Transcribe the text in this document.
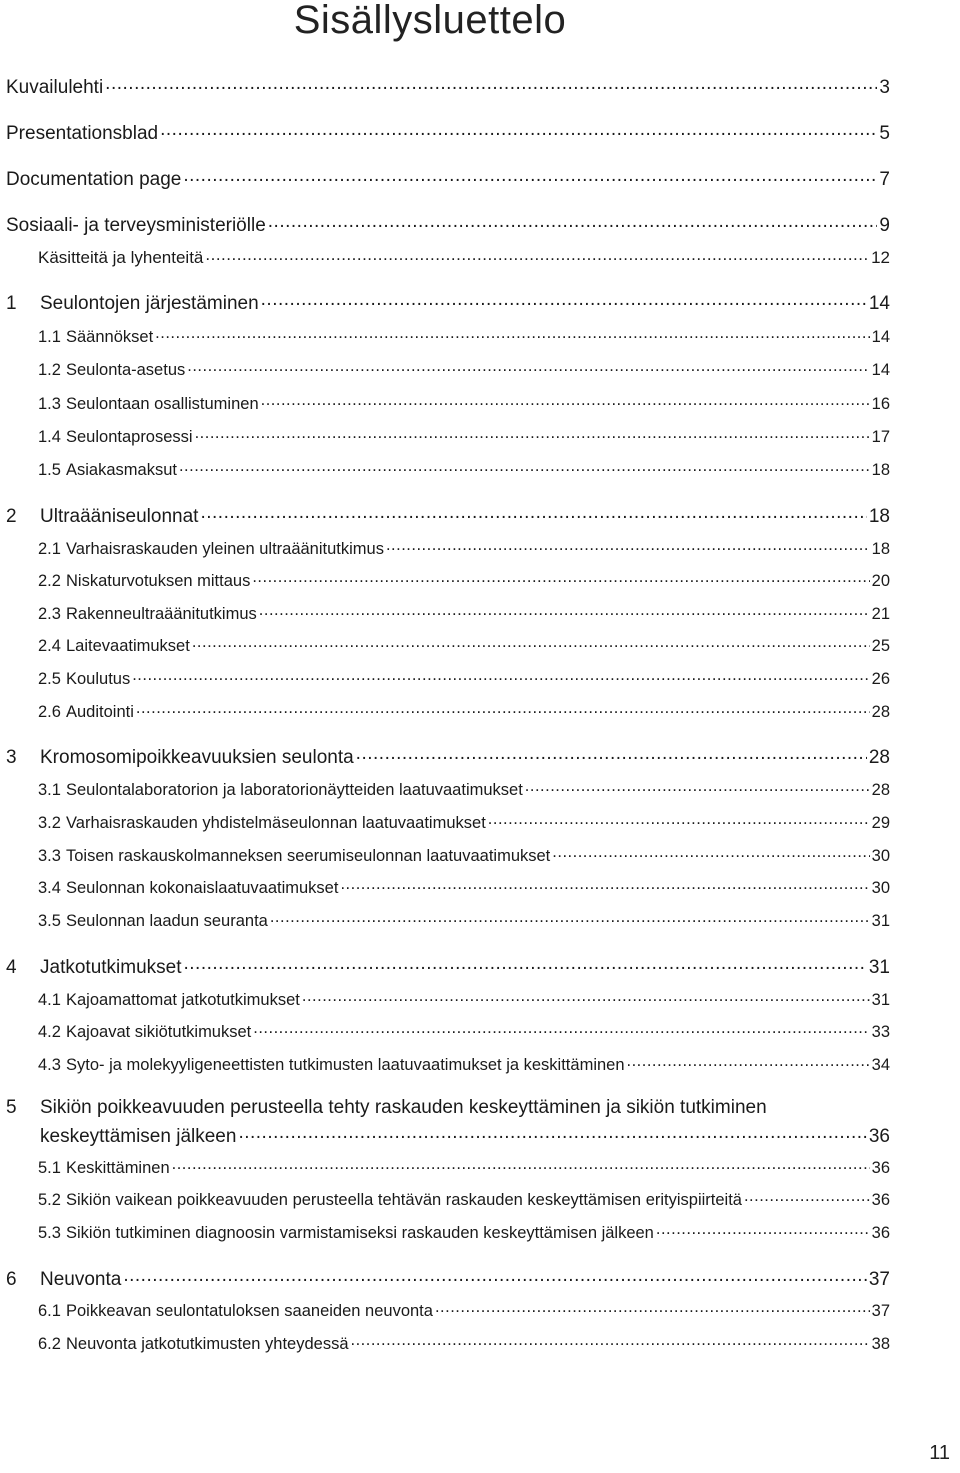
Sisällysluettelo
Kuvailulehti .....	3
Presentationsblad .....	5
Documentation page .....	7
Sosiaali- ja terveysministeriölle .....	9
Käsitteitä ja lyhenteitä .....	12
1	Seulontojen järjestäminen .....	14
1.1 Säännökset .....	14
1.2 Seulonta-asetus .....	14
1.3 Seulontaan osallistuminen .....	16
1.4 Seulontaprosessi .....	17
1.5 Asiakasmaksut .....	18
2	Ultraääniseulonnat .....	18
2.1 Varhaisraskauden yleinen ultraäänitutkimus .....	18
2.2 Niskaturvotuksen mittaus .....	20
2.3 Rakenneultraäänitutkimus .....	21
2.4 Laitevaatimukset .....	25
2.5 Koulutus .....	26
2.6 Auditointi .....	28
3	Kromosomipoikkeavuuksien seulonta .....	28
3.1 Seulontalaboratorion ja laboratorionäytteiden laatuvaatimukset .....	28
3.2 Varhaisraskauden yhdistelmäseulonnan laatuvaatimukset .....	29
3.3 Toisen raskauskolmanneksen seerumiseulonnan laatuvaatimukset .....	30
3.4 Seulonnan kokonaislaatuvaatimukset .....	30
3.5 Seulonnan laadun seuranta .....	31
4	Jatkotutkimukset .....	31
4.1 Kajoamattomat jatkotutkimukset .....	31
4.2 Kajoavat sikiötutkimukset .....	33
4.3 Syto- ja molekyyligeneettisten tutkimusten laatuvaatimukset ja keskittäminen .....	34
5 Sikiön poikkeavuuden perusteella tehty raskauden keskeyttäminen ja sikiön tutkiminen
keskeyttämisen jälkeen .....	36
5.1 Keskittäminen .....	36
5.2 Sikiön vaikean poikkeavuuden perusteella tehtävän raskauden keskeyttämisen erityispiirteitä .....	36
5.3 Sikiön tutkiminen diagnoosin varmistamiseksi raskauden keskeyttämisen jälkeen .....	36
6	Neuvonta .....	37
6.1 Poikkeavan seulontatuloksen saaneiden neuvonta .....	37
6.2 Neuvonta jatkotutkimusten yhteydessä .....	38
11
